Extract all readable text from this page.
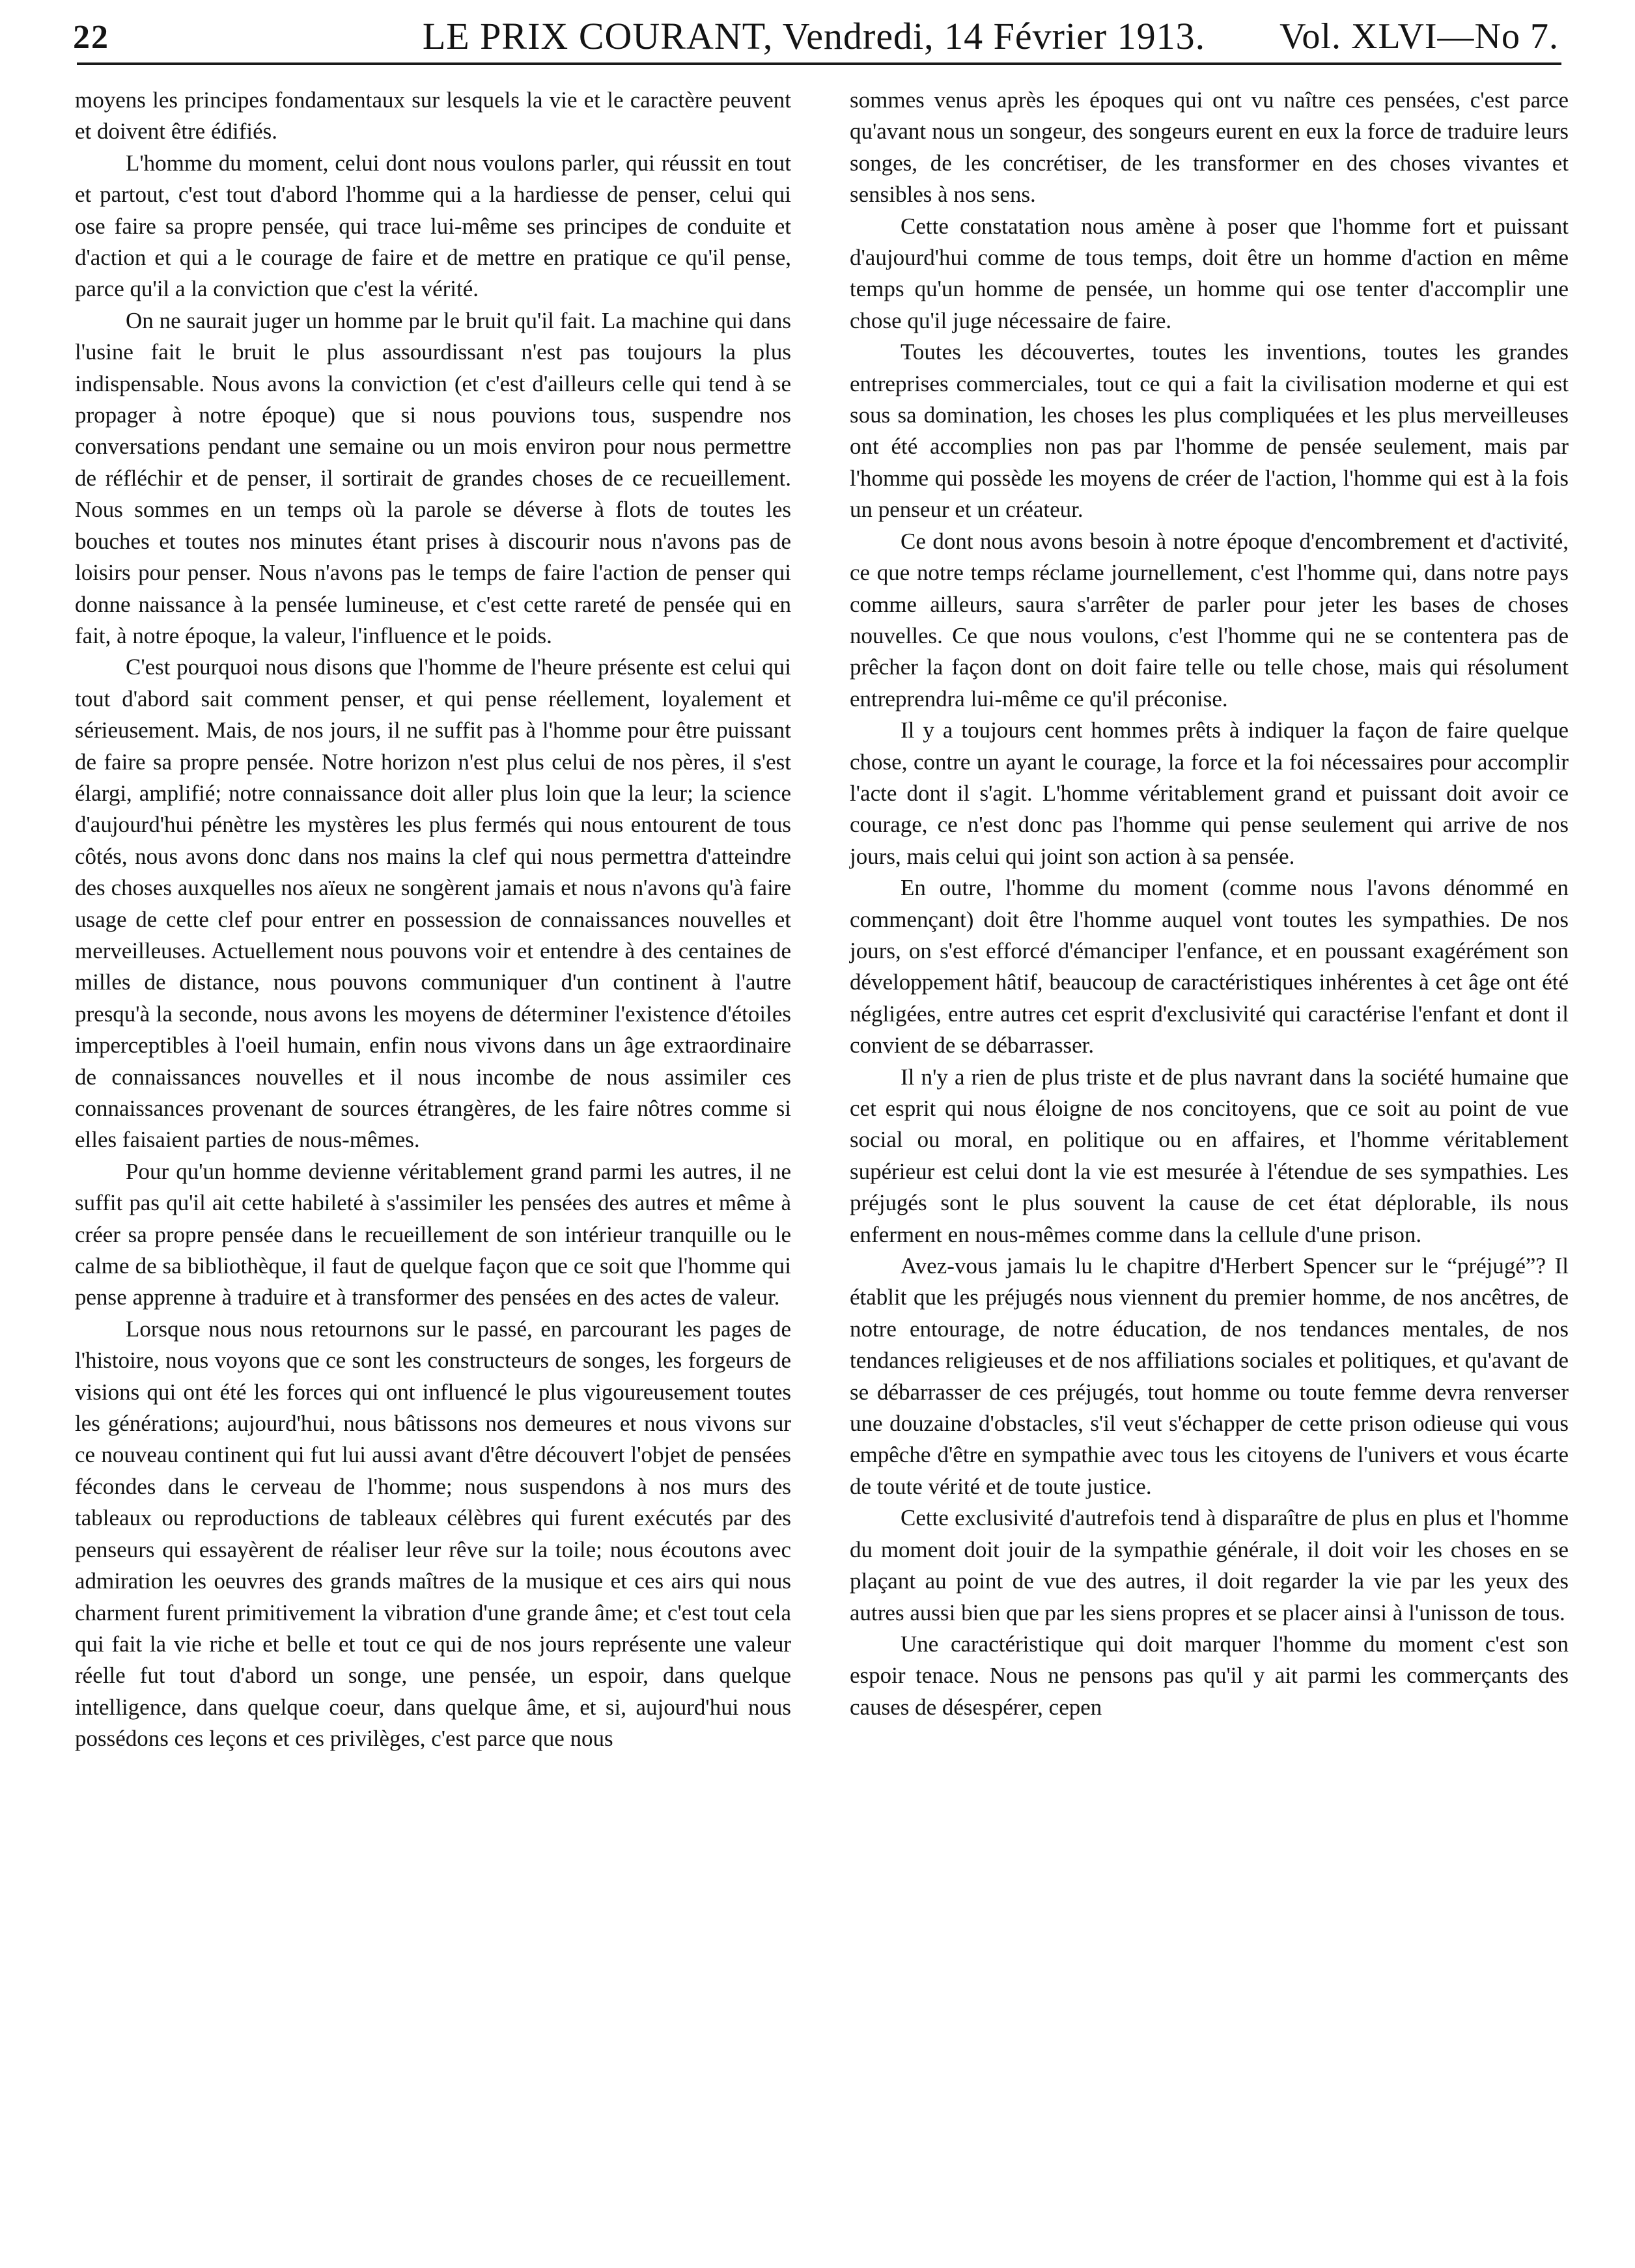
22	LE PRIX COURANT, Vendredi, 14 Février 1913.	Vol. XLVI—No 7.

moyens les principes fondamentaux sur lesquels la vie et le caractère peuvent et doivent être édifiés.

L'homme du moment, celui dont nous voulons parler, qui réussit en tout et partout, c'est tout d'abord l'homme qui a la hardiesse de penser, celui qui ose faire sa propre pensée, qui trace lui-même ses principes de conduite et d'action et qui a le courage de faire et de mettre en pratique ce qu'il pense, parce qu'il a la conviction que c'est la vérité.

On ne saurait juger un homme par le bruit qu'il fait. La machine qui dans l'usine fait le bruit le plus assourdissant n'est pas toujours la plus indispensable. Nous avons la conviction (et c'est d'ailleurs celle qui tend à se propager à notre époque) que si nous pouvions tous, suspendre nos conversations pendant une semaine ou un mois environ pour nous permettre de réfléchir et de penser, il sortirait de grandes choses de ce recueillement. Nous sommes en un temps où la parole se déverse à flots de toutes les bouches et toutes nos minutes étant prises à discourir nous n'avons pas de loisirs pour penser. Nous n'avons pas le temps de faire l'action de penser qui donne naissance à la pensée lumineuse, et c'est cette rareté de pensée qui en fait, à notre époque, la valeur, l'influence et le poids.

C'est pourquoi nous disons que l'homme de l'heure présente est celui qui tout d'abord sait comment penser, et qui pense réellement, loyalement et sérieusement. Mais, de nos jours, il ne suffit pas à l'homme pour être puissant de faire sa propre pensée. Notre horizon n'est plus celui de nos pères, il s'est élargi, amplifié; notre connaissance doit aller plus loin que la leur; la science d'aujourd'hui pénètre les mystères les plus fermés qui nous entourent de tous côtés, nous avons donc dans nos mains la clef qui nous permettra d'atteindre des choses auxquelles nos aïeux ne songèrent jamais et nous n'avons qu'à faire usage de cette clef pour entrer en possession de connaissances nouvelles et merveilleuses. Actuellement nous pouvons voir et entendre à des centaines de milles de distance, nous pouvons communiquer d'un continent à l'autre presqu'à la seconde, nous avons les moyens de déterminer l'existence d'étoiles imperceptibles à l'oeil humain, enfin nous vivons dans un âge extraordinaire de connaissances nouvelles et il nous incombe de nous assimiler ces connaissances provenant de sources étrangères, de les faire nôtres comme si elles faisaient parties de nous-mêmes.

Pour qu'un homme devienne véritablement grand parmi les autres, il ne suffit pas qu'il ait cette habileté à s'assimiler les pensées des autres et même à créer sa propre pensée dans le recueillement de son intérieur tranquille ou le calme de sa bibliothèque, il faut de quelque façon que ce soit que l'homme qui pense apprenne à traduire et à transformer des pensées en des actes de valeur.

Lorsque nous nous retournons sur le passé, en parcourant les pages de l'histoire, nous voyons que ce sont les constructeurs de songes, les forgeurs de visions qui ont été les forces qui ont influencé le plus vigoureusement toutes les générations; aujourd'hui, nous bâtissons nos demeures et nous vivons sur ce nouveau continent qui fut lui aussi avant d'être découvert l'objet de pensées fécondes dans le cerveau de l'homme; nous suspendons à nos murs des tableaux ou reproductions de tableaux célèbres qui furent exécutés par des penseurs qui essayèrent de réaliser leur rêve sur la toile; nous écoutons avec admiration les oeuvres des grands maîtres de la musique et ces airs qui nous charment furent primitivement la vibration d'une grande âme; et c'est tout cela qui fait la vie riche et belle et tout ce qui de nos jours représente une valeur réelle fut tout d'abord un songe, une pensée, un espoir, dans quelque intelligence, dans quelque coeur, dans quelque âme, et si, aujourd'hui nous possédons ces leçons et ces privilèges, c'est parce que nous

sommes venus après les époques qui ont vu naître ces pensées, c'est parce qu'avant nous un songeur, des songeurs eurent en eux la force de traduire leurs songes, de les concrétiser, de les transformer en des choses vivantes et sensibles à nos sens.

Cette constatation nous amène à poser que l'homme fort et puissant d'aujourd'hui comme de tous temps, doit être un homme d'action en même temps qu'un homme de pensée, un homme qui ose tenter d'accomplir une chose qu'il juge nécessaire de faire.

Toutes les découvertes, toutes les inventions, toutes les grandes entreprises commerciales, tout ce qui a fait la civilisation moderne et qui est sous sa domination, les choses les plus compliquées et les plus merveilleuses ont été accomplies non pas par l'homme de pensée seulement, mais par l'homme qui possède les moyens de créer de l'action, l'homme qui est à la fois un penseur et un créateur.

Ce dont nous avons besoin à notre époque d'encombrement et d'activité, ce que notre temps réclame journellement, c'est l'homme qui, dans notre pays comme ailleurs, saura s'arrêter de parler pour jeter les bases de choses nouvelles. Ce que nous voulons, c'est l'homme qui ne se contentera pas de prêcher la façon dont on doit faire telle ou telle chose, mais qui résolument entreprendra lui-même ce qu'il préconise.

Il y a toujours cent hommes prêts à indiquer la façon de faire quelque chose, contre un ayant le courage, la force et la foi nécessaires pour accomplir l'acte dont il s'agit. L'homme véritablement grand et puissant doit avoir ce courage, ce n'est donc pas l'homme qui pense seulement qui arrive de nos jours, mais celui qui joint son action à sa pensée.

En outre, l'homme du moment (comme nous l'avons dénommé en commençant) doit être l'homme auquel vont toutes les sympathies. De nos jours, on s'est efforcé d'émanciper l'enfance, et en poussant exagérément son développement hâtif, beaucoup de caractéristiques inhérentes à cet âge ont été négligées, entre autres cet esprit d'exclusivité qui caractérise l'enfant et dont il convient de se débarrasser.

Il n'y a rien de plus triste et de plus navrant dans la société humaine que cet esprit qui nous éloigne de nos concitoyens, que ce soit au point de vue social ou moral, en politique ou en affaires, et l'homme véritablement supérieur est celui dont la vie est mesurée à l'étendue de ses sympathies. Les préjugés sont le plus souvent la cause de cet état déplorable, ils nous enferment en nous-mêmes comme dans la cellule d'une prison.

Avez-vous jamais lu le chapitre d'Herbert Spencer sur le “préjugé”? Il établit que les préjugés nous viennent du premier homme, de nos ancêtres, de notre entourage, de notre éducation, de nos tendances mentales, de nos tendances religieuses et de nos affiliations sociales et politiques, et qu'avant de se débarrasser de ces préjugés, tout homme ou toute femme devra renverser une douzaine d'obstacles, s'il veut s'échapper de cette prison odieuse qui vous empêche d'être en sympathie avec tous les citoyens de l'univers et vous écarte de toute vérité et de toute justice.

Cette exclusivité d'autrefois tend à disparaître de plus en plus et l'homme du moment doit jouir de la sympathie générale, il doit voir les choses en se plaçant au point de vue des autres, il doit regarder la vie par les yeux des autres aussi bien que par les siens propres et se placer ainsi à l'unisson de tous.

Une caractéristique qui doit marquer l'homme du moment c'est son espoir tenace. Nous ne pensons pas qu'il y ait parmi les commerçants des causes de désespérer, cepen
